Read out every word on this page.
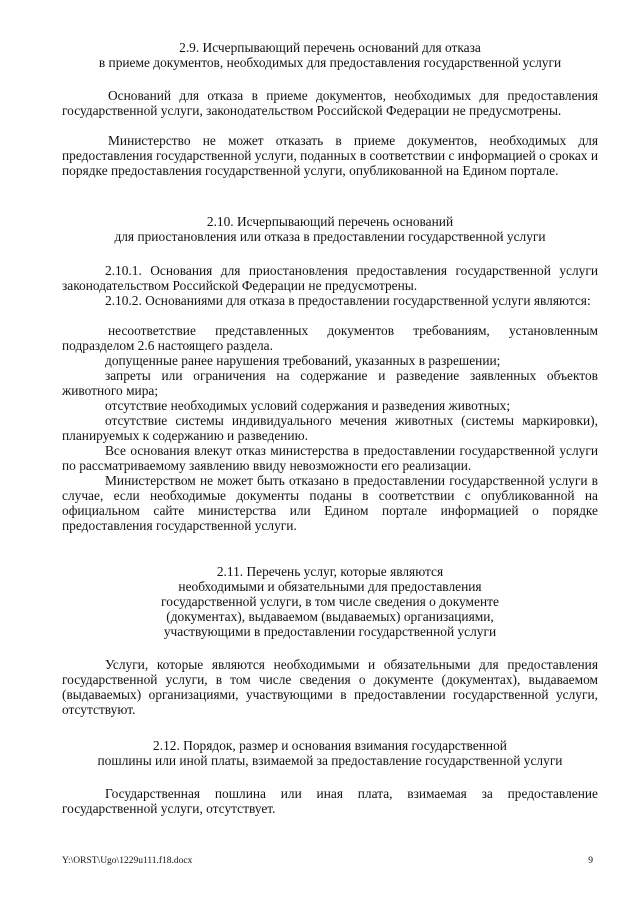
2.9. Исчерпывающий перечень оснований для отказа
в приеме документов, необходимых для предоставления государственной услуги

Оснований для отказа в приеме документов, необходимых для предоставления государственной услуги, законодательством Российской Федерации не предусмотрены.

Министерство не может отказать в приеме документов, необходимых для предоставления государственной услуги, поданных в соответствии с информацией о сроках и порядке предоставления государственной услуги, опубликованной на Едином портале.

2.10. Исчерпывающий перечень оснований
для приостановления или отказа в предоставлении государственной услуги

2.10.1. Основания для приостановления предоставления государственной услуги законодательством Российской Федерации не предусмотрены.

2.10.2. Основаниями для отказа в предоставлении государственной услуги являются:

несоответствие представленных документов требованиям, установленным подразделом 2.6 настоящего раздела.

допущенные ранее нарушения требований, указанных в разрешении;

запреты или ограничения на содержание и разведение заявленных объектов животного мира;

отсутствие необходимых условий содержания и разведения животных;

отсутствие системы индивидуального мечения животных (системы маркировки), планируемых к содержанию и разведению.

Все основания влекут отказ министерства в предоставлении государственной услуги по рассматриваемому заявлению ввиду невозможности его реализации.

Министерством не может быть отказано в предоставлении государственной услуги в случае, если необходимые документы поданы в соответствии с опубликованной на официальном сайте министерства или Едином портале информацией о порядке предоставления государственной услуги.

2.11. Перечень услуг, которые являются
необходимыми и обязательными для предоставления
государственной услуги, в том числе сведения о документе
(документах), выдаваемом (выдаваемых) организациями,
участвующими в предоставлении государственной услуги

Услуги, которые являются необходимыми и обязательными для предоставления государственной услуги, в том числе сведения о документе (документах), выдаваемом (выдаваемых) организациями, участвующими в предоставлении государственной услуги, отсутствуют.

2.12. Порядок, размер и основания взимания государственной
пошлины или иной платы, взимаемой за предоставление государственной услуги

Государственная пошлина или иная плата, взимаемая за предоставление государственной услуги, отсутствует.

Y:\ORST\Ugo\1229u111.f18.docx	9
